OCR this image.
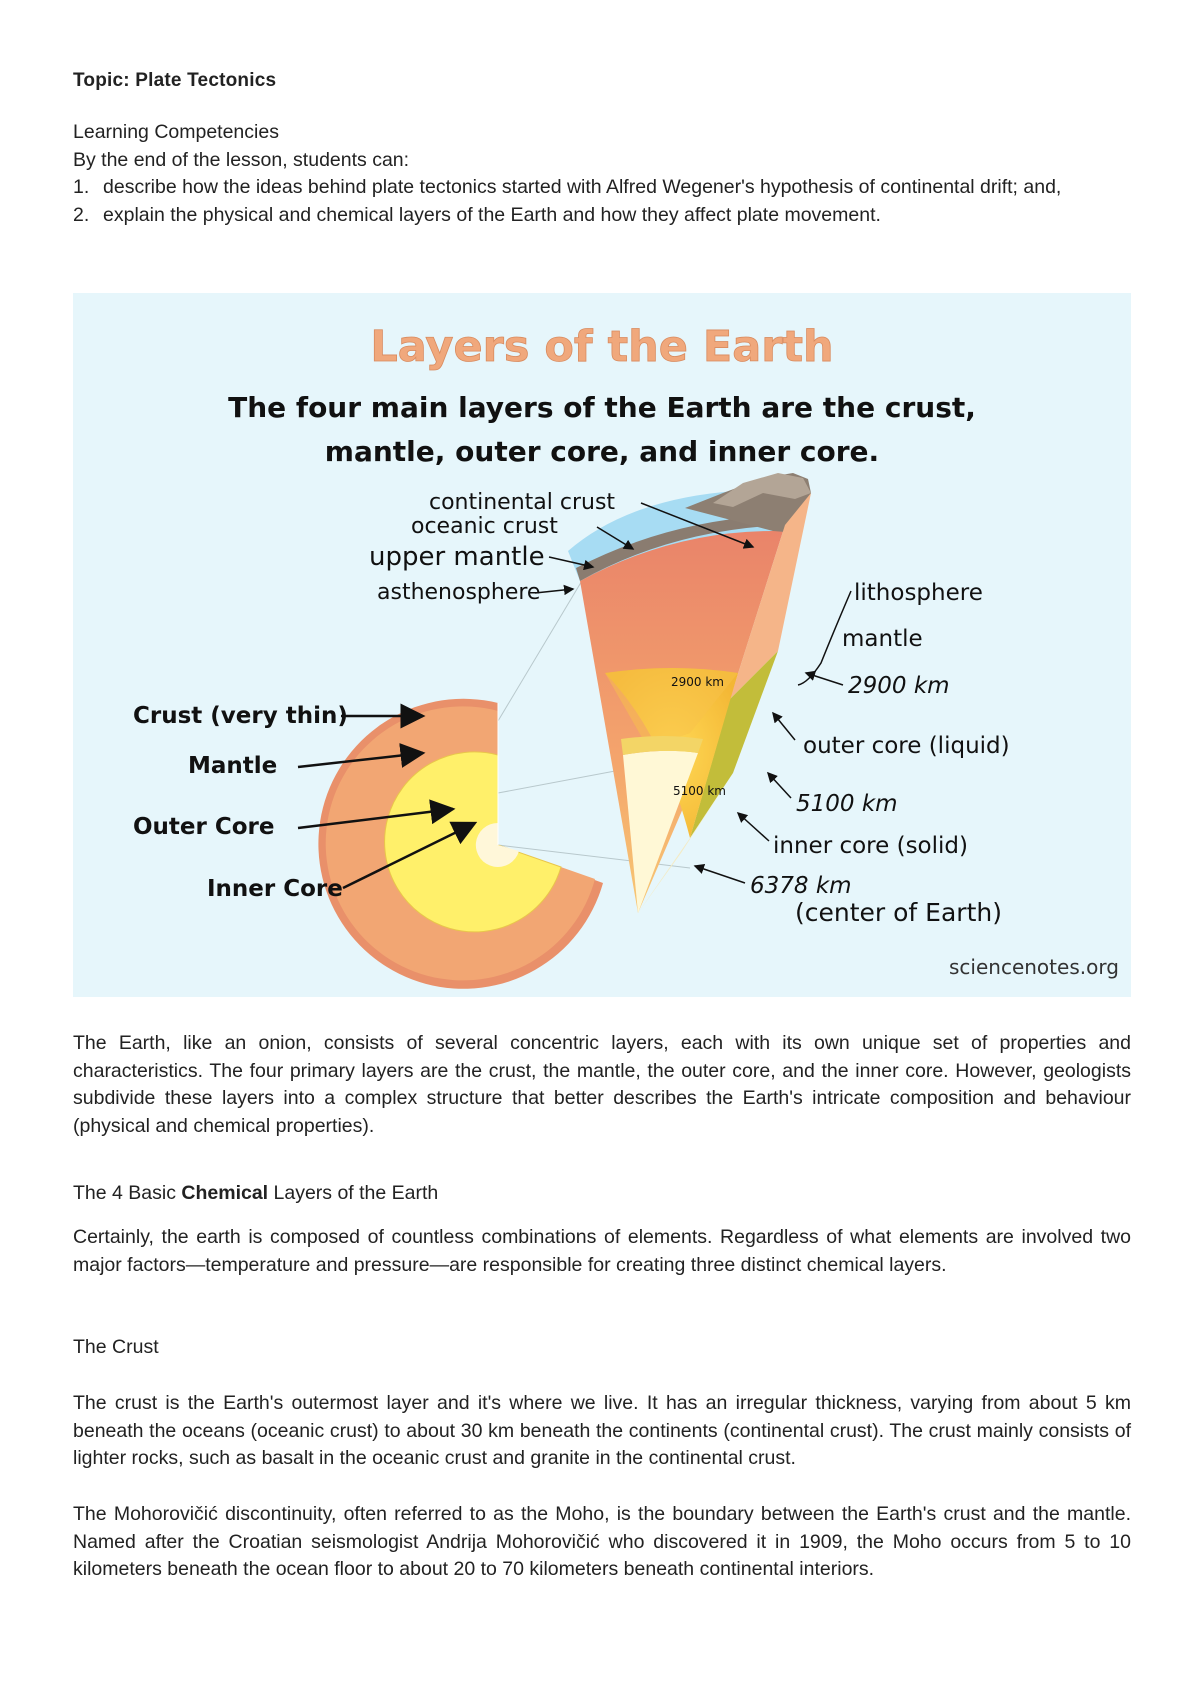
Topic: Plate Tectonics
Learning Competencies
By the end of the lesson, students can:
1. describe how the ideas behind plate tectonics started with Alfred Wegener's hypothesis of continental drift; and,
2. explain the physical and chemical layers of the Earth and how they affect plate movement.
Layers of the Earth
The four main layers of the Earth are the crust,
mantle, outer core, and inner core.
continental crust
oceanic crust
upper mantle
asthenosphere	lithosphere
mantle
2900 km
2900 km
outer core (liquid)
5100 km
5100 km
inner core (solid)
6378 km
(center of Earth)
Crust (very thin)
Mantle
Outer Core
Inner Core
sciencenotes.org
The Earth, like an onion, consists of several concentric layers, each with its own unique set of properties and characteristics. The four primary layers are the crust, the mantle, the outer core, and the inner core. However, geologists subdivide these layers into a complex structure that better describes the Earth's intricate composition and behaviour (physical and chemical properties).
The 4 Basic Chemical Layers of the Earth
Certainly, the earth is composed of countless combinations of elements. Regardless of what elements are involved two major factors—temperature and pressure—are responsible for creating three distinct chemical layers.
The Crust
The crust is the Earth's outermost layer and it's where we live. It has an irregular thickness, varying from about 5 km beneath the oceans (oceanic crust) to about 30 km beneath the continents (continental crust). The crust mainly consists of lighter rocks, such as basalt in the oceanic crust and granite in the continental crust.
The Mohorovičić discontinuity, often referred to as the Moho, is the boundary between the Earth's crust and the mantle. Named after the Croatian seismologist Andrija Mohorovičić who discovered it in 1909, the Moho occurs from 5 to 10 kilometers beneath the ocean floor to about 20 to 70 kilometers beneath continental interiors.
